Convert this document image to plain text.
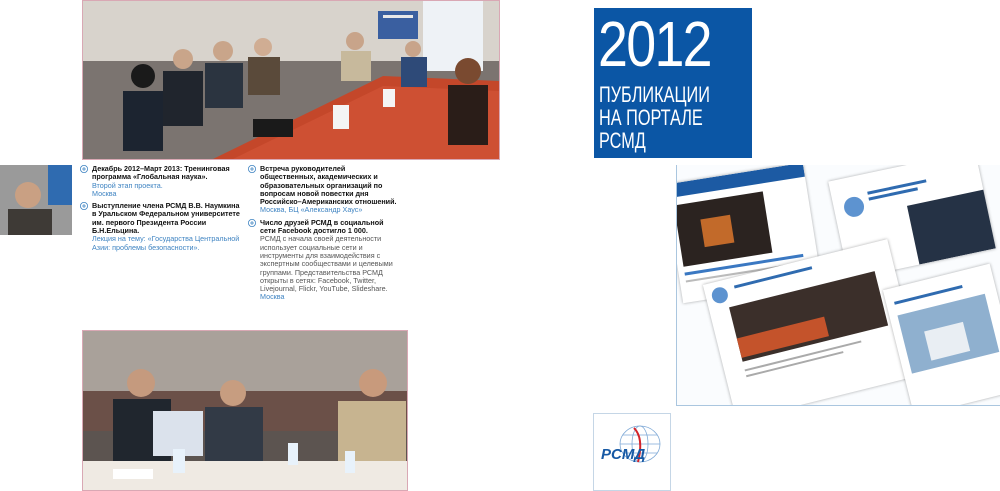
Декабрь 2012–Март 2013: Тренинговая программа «Глобальная наука».
Второй этап проекта.
Москва
Выступление члена РСМД В.В. Наумкина в Уральском Федеральном университете им. первого Президента России Б.Н.Ельцина.
Лекция на тему: «Государства Центральной Азии: проблемы безопасности».
Встреча руководителей общественных, академических и образовательных организаций по вопросам новой повестки дня Российско–Американских отношений.
Москва, БЦ «Александр Хаус»
Число друзей РСМД в социальной сети Facebook достигло 1 000.
РСМД с начала своей деятельности использует социальные сети и инструменты для взаимодействия с экспертным сообществами и целевыми группами. Представительства РСМД открыты в сетях: Facebook, Twitter, Livejournal, Flickr, YouTube, Slideshare.
Москва
2012
ПУБЛИКАЦИИ
НА ПОРТАЛЕ
РСМД
РСМД
